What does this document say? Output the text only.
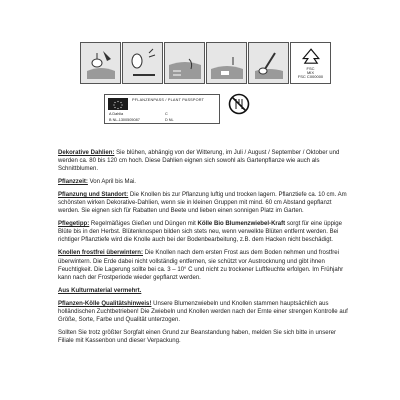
FSC
MIX
FSC C000000
PFLANZENPASS / PLANT PASSPORT
A Dahlia
B NL-1300505087
C
D NL

Dekorative Dahlien: Sie blühen, abhängig von der Witterung, im Juli / August / September / Oktober und werden ca. 80 bis 120 cm hoch. Diese Dahlien eignen sich sowohl als Gartenpflanze wie auch als Schnittblumen.

Pflanzzeit: Von April bis Mai.

Pflanzung und Standort: Die Knollen bis zur Pflanzung luftig und trocken lagern. Pflanztiefe ca. 10 cm. Am schönsten wirken Dekorative-Dahlien, wenn sie in kleinen Gruppen mit mind. 60 cm Abstand gepflanzt werden. Sie eignen sich für Rabatten und Beete und lieben einen sonnigen Platz im Garten.

Pflegetipp: Regelmäßiges Gießen und Düngen mit Kölle Bio Blumenzwiebel-Kraft sorgt für eine üppige Blüte bis in den Herbst. Blütenknospen bilden sich stets neu, wenn verwelkte Blüten entfernt werden. Bei richtiger Pflanztiefe wird die Knolle auch bei der Bodenbearbeitung, z.B. dem Hacken nicht beschädigt.

Knollen frostfrei überwintern: Die Knollen nach dem ersten Frost aus dem Boden nehmen und frostfrei überwintern. Die Erde dabei nicht vollständig entfernen, sie schützt vor Austrocknung und gibt ihnen Feuchtigkeit. Die Lagerung sollte bei ca. 3 – 10° C und nicht zu trockener Luftfeuchte erfolgen. Im Frühjahr kann nach der Frostperiode wieder gepflanzt werden.

Aus Kulturmaterial vermehrt.

Pflanzen-Kölle Qualitätshinweis! Unsere Blumenzwiebeln und Knollen stammen hauptsächlich aus holländischen Zuchtbetrieben! Die Zwiebeln und Knollen werden nach der Ernte einer strengen Kontrolle auf Größe, Sorte, Farbe und Qualität unterzogen.

Sollten Sie trotz größter Sorgfalt einen Grund zur Beanstandung haben, melden Sie sich bitte in unserer Filiale mit Kassenbon und dieser Verpackung.
